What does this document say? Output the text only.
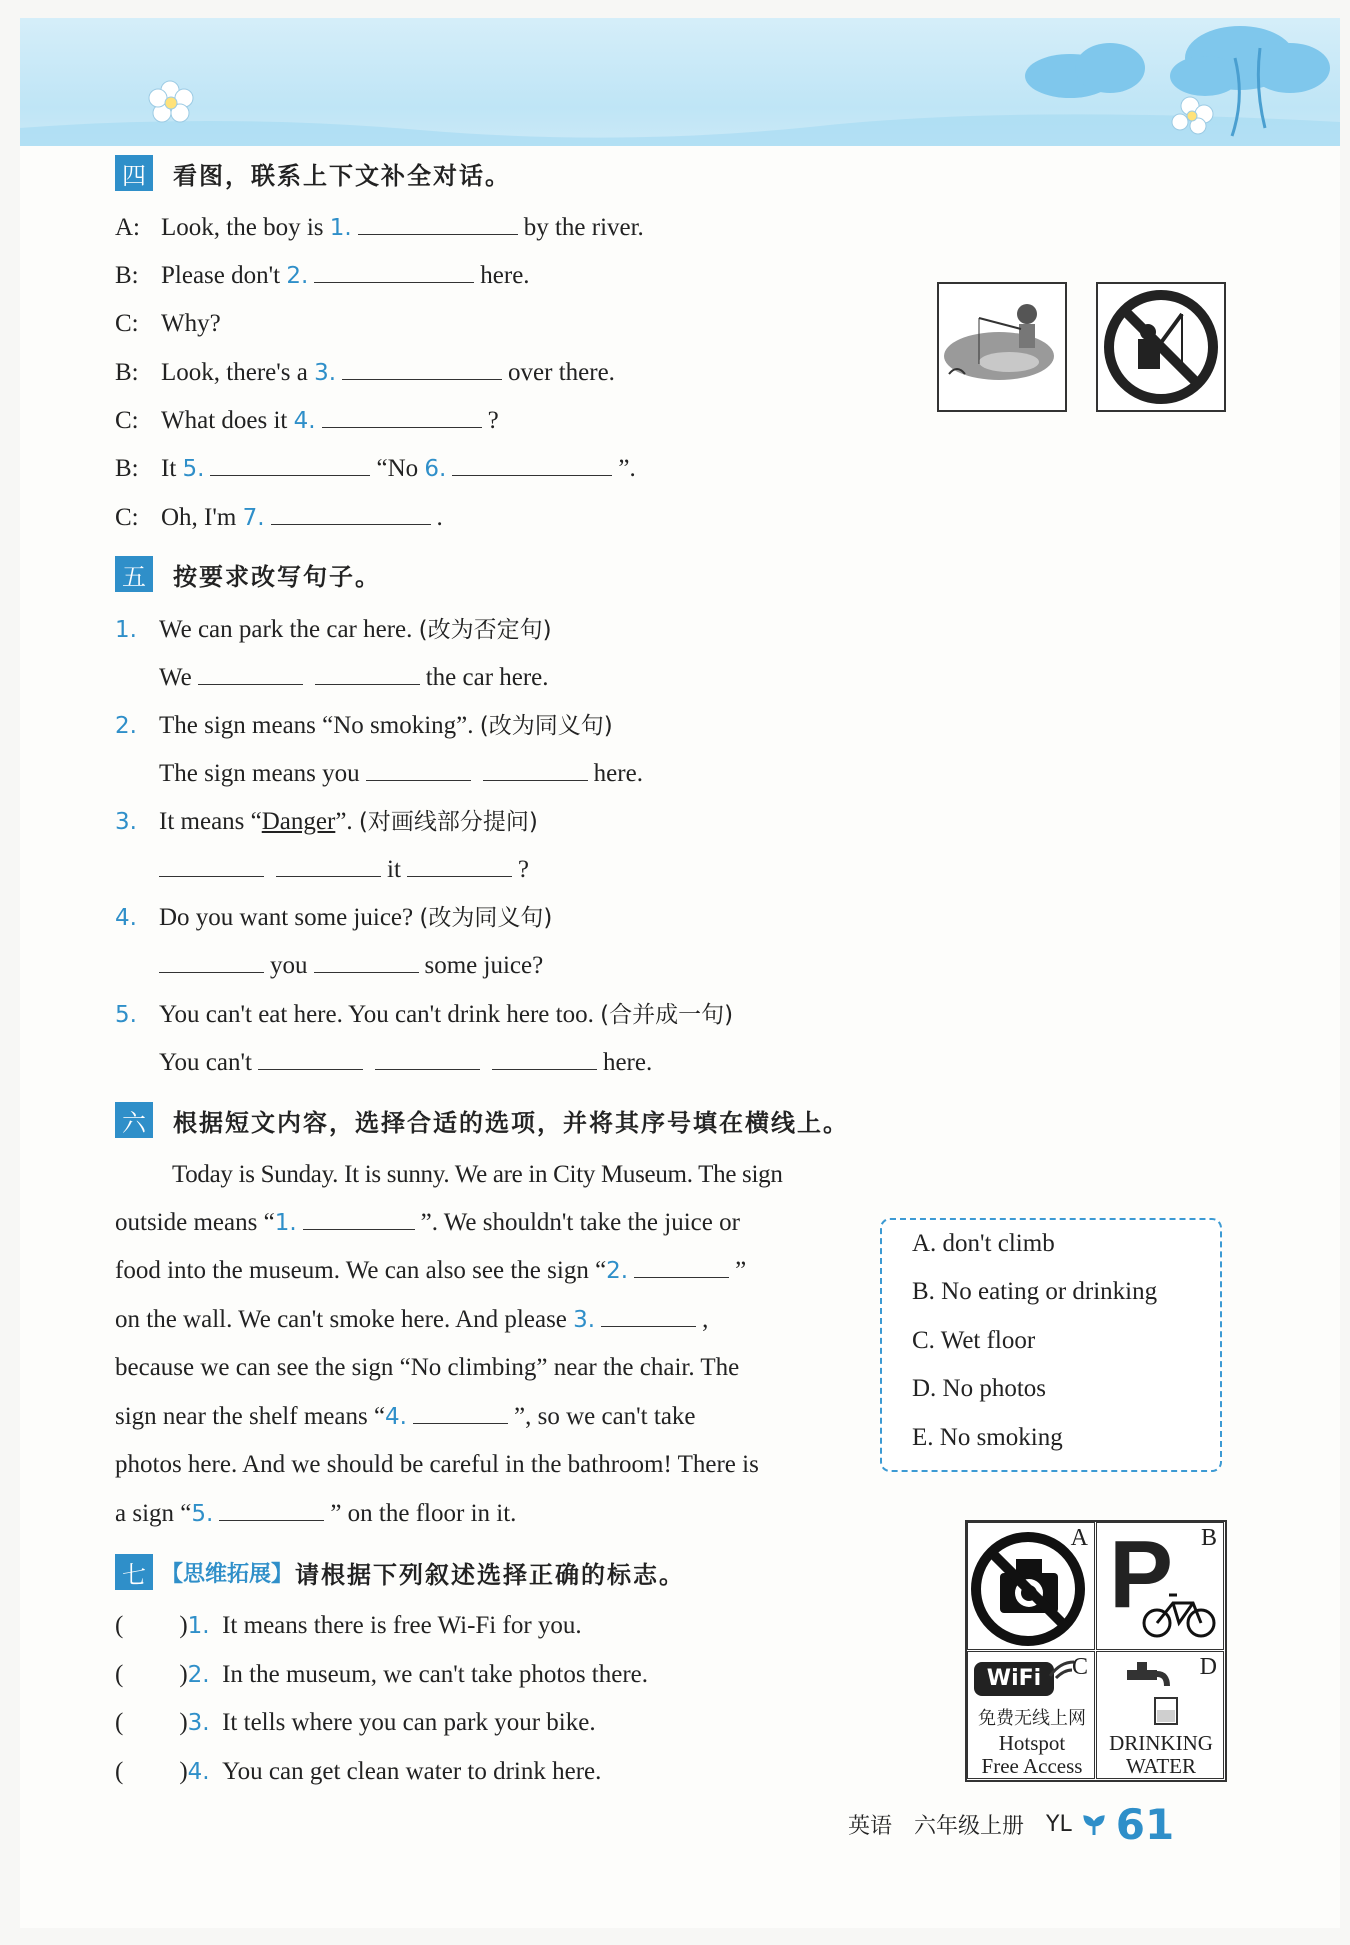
四 看图，联系上下文补全对话。
A: Look, the boy is 1.	by the river.
B: Please don't 2.	here.
C: Why?
B: Look, there's a 3.	over there.
C: What does it 4.	?
B: It 5.	“No 6.	”.
C: Oh, I'm 7.	.
五 按要求改写句子。
1. We can park the car here. (改为否定句)
We	the car here.
2. The sign means “No smoking”. (改为同义句)
The sign means you	here.
3. It means “Danger”. (对画线部分提问)
it	?
4. Do you want some juice? (改为同义句)
you	some juice?
5. You can't eat here. You can't drink here too. (合并成一句)
You can't	here.
六 根据短文内容，选择合适的选项，并将其序号填在横线上。
Today is Sunday. It is sunny. We are in City Museum. The sign
outside means “1.	”. We shouldn't take the juice or
food into the museum. We can also see the sign “2.	”
on the wall. We can't smoke here. And please 3.	,
because we can see the sign “No climbing” near the chair. The
sign near the shelf means “4.	”, so we can't take
photos here. And we should be careful in the bathroom! There is
a sign “5.	” on the floor in it.
A. don't climb
B. No eating or drinking
C. Wet floor
D. No photos
E. No smoking
七 【思维拓展】 请根据下列叙述选择正确的标志。
( )1. It means there is free Wi-Fi for you.
( )2. In the museum, we can't take photos there.
( )3. It tells where you can park your bike.
( )4. You can get clean water to drink here.
A P B
WiFi	C
免费无线上网
Hotspot
Free Access
D
DRINKING
WATER
英语 六年级上册 YL 61
